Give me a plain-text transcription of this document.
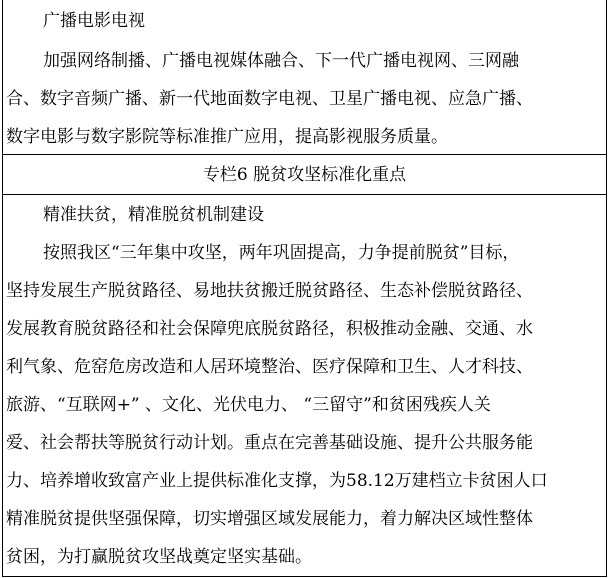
广播电影电视
加强网络制播、广播电视媒体融合、下一代广播电视网、三网融
合、数字音频广播、新一代地面数字电视、卫星广播电视、应急广播、
数字电影与数字影院等标准推广应用，提高影视服务质量。
专栏6 脱贫攻坚标准化重点
精准扶贫，精准脱贫机制建设
按照我区“三年集中攻坚，两年巩固提高，力争提前脱贫”目标，
坚持发展生产脱贫路径、易地扶贫搬迁脱贫路径、生态补偿脱贫路径、
发展教育脱贫路径和社会保障兜底脱贫路径，积极推动金融、交通、水
利气象、危窑危房改造和人居环境整治、医疗保障和卫生、人才科技、
旅游、“互联网+” 、文化、光伏电力、 “三留守”和贫困残疾人关
爱、社会帮扶等脱贫行动计划。重点在完善基础设施、提升公共服务能
力、培养增收致富产业上提供标准化支撑，为58.12万建档立卡贫困人口
精准脱贫提供坚强保障，切实增强区域发展能力，着力解决区域性整体
贫困，为打赢脱贫攻坚战奠定坚实基础。
